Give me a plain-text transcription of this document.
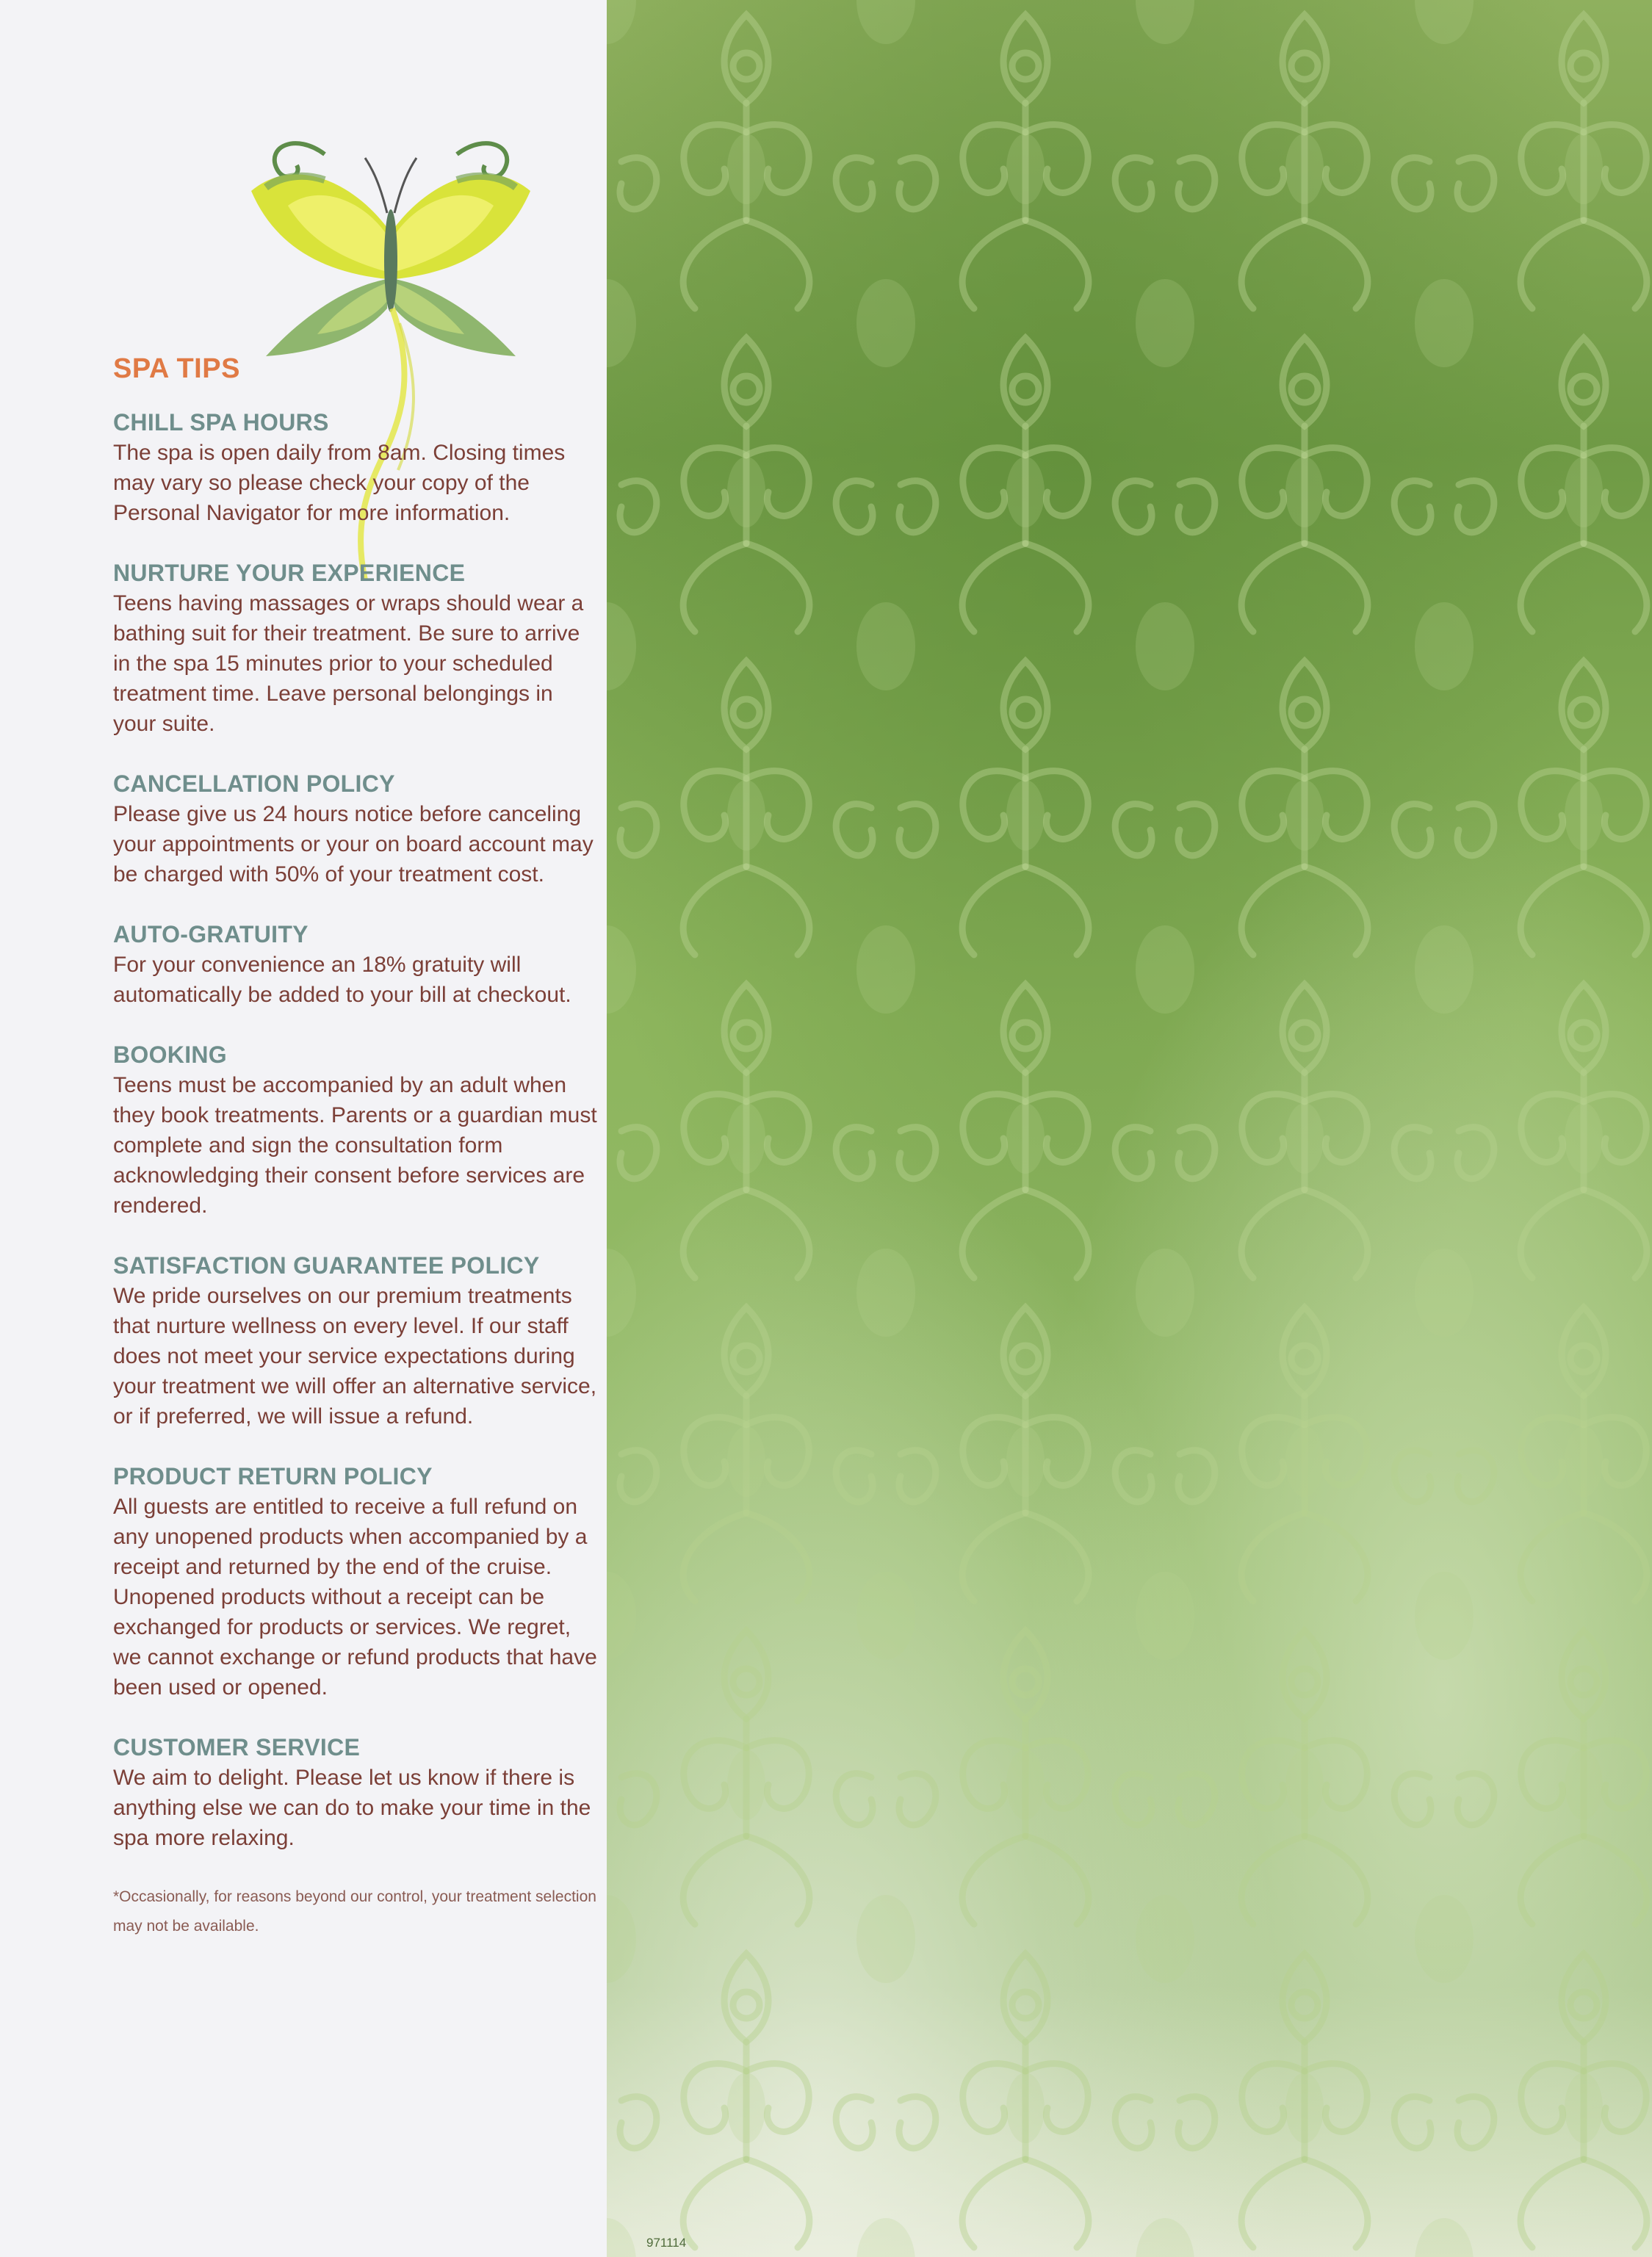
SPA TIPS
CHILL SPA HOURS

The spa is open daily from 8am. Closing times may vary so please check your copy of the Personal Navigator for more information.

NURTURE YOUR EXPERIENCE

Teens having massages or wraps should wear a bathing suit for their treatment. Be sure to arrive in the spa 15 minutes prior to your scheduled treatment time. Leave personal belongings in your suite.

CANCELLATION POLICY

Please give us 24 hours notice before canceling your appointments or your on board account may be charged with 50% of your treatment cost.

AUTO-GRATUITY

For your convenience an 18% gratuity will automatically be added to your bill at checkout.

BOOKING

Teens must be accompanied by an adult when they book treatments. Parents or a guardian must complete and sign the consultation form acknowledging their consent before services are rendered.

SATISFACTION GUARANTEE POLICY

We pride ourselves on our premium treatments that nurture wellness on every level. If our staff does not meet your service expectations during your treatment we will offer an alternative service, or if preferred, we will issue a refund.

PRODUCT RETURN POLICY

All guests are entitled to receive a full refund on any unopened products when accompanied by a receipt and returned by the end of the cruise. Unopened products without a receipt can be exchanged for products or services. We regret, we cannot exchange or refund products that have been used or opened.

CUSTOMER SERVICE

We aim to delight. Please let us know if there is anything else we can do to make your time in the spa more relaxing.

*Occasionally, for reasons beyond our control, your treatment selection may not be available.
971114
